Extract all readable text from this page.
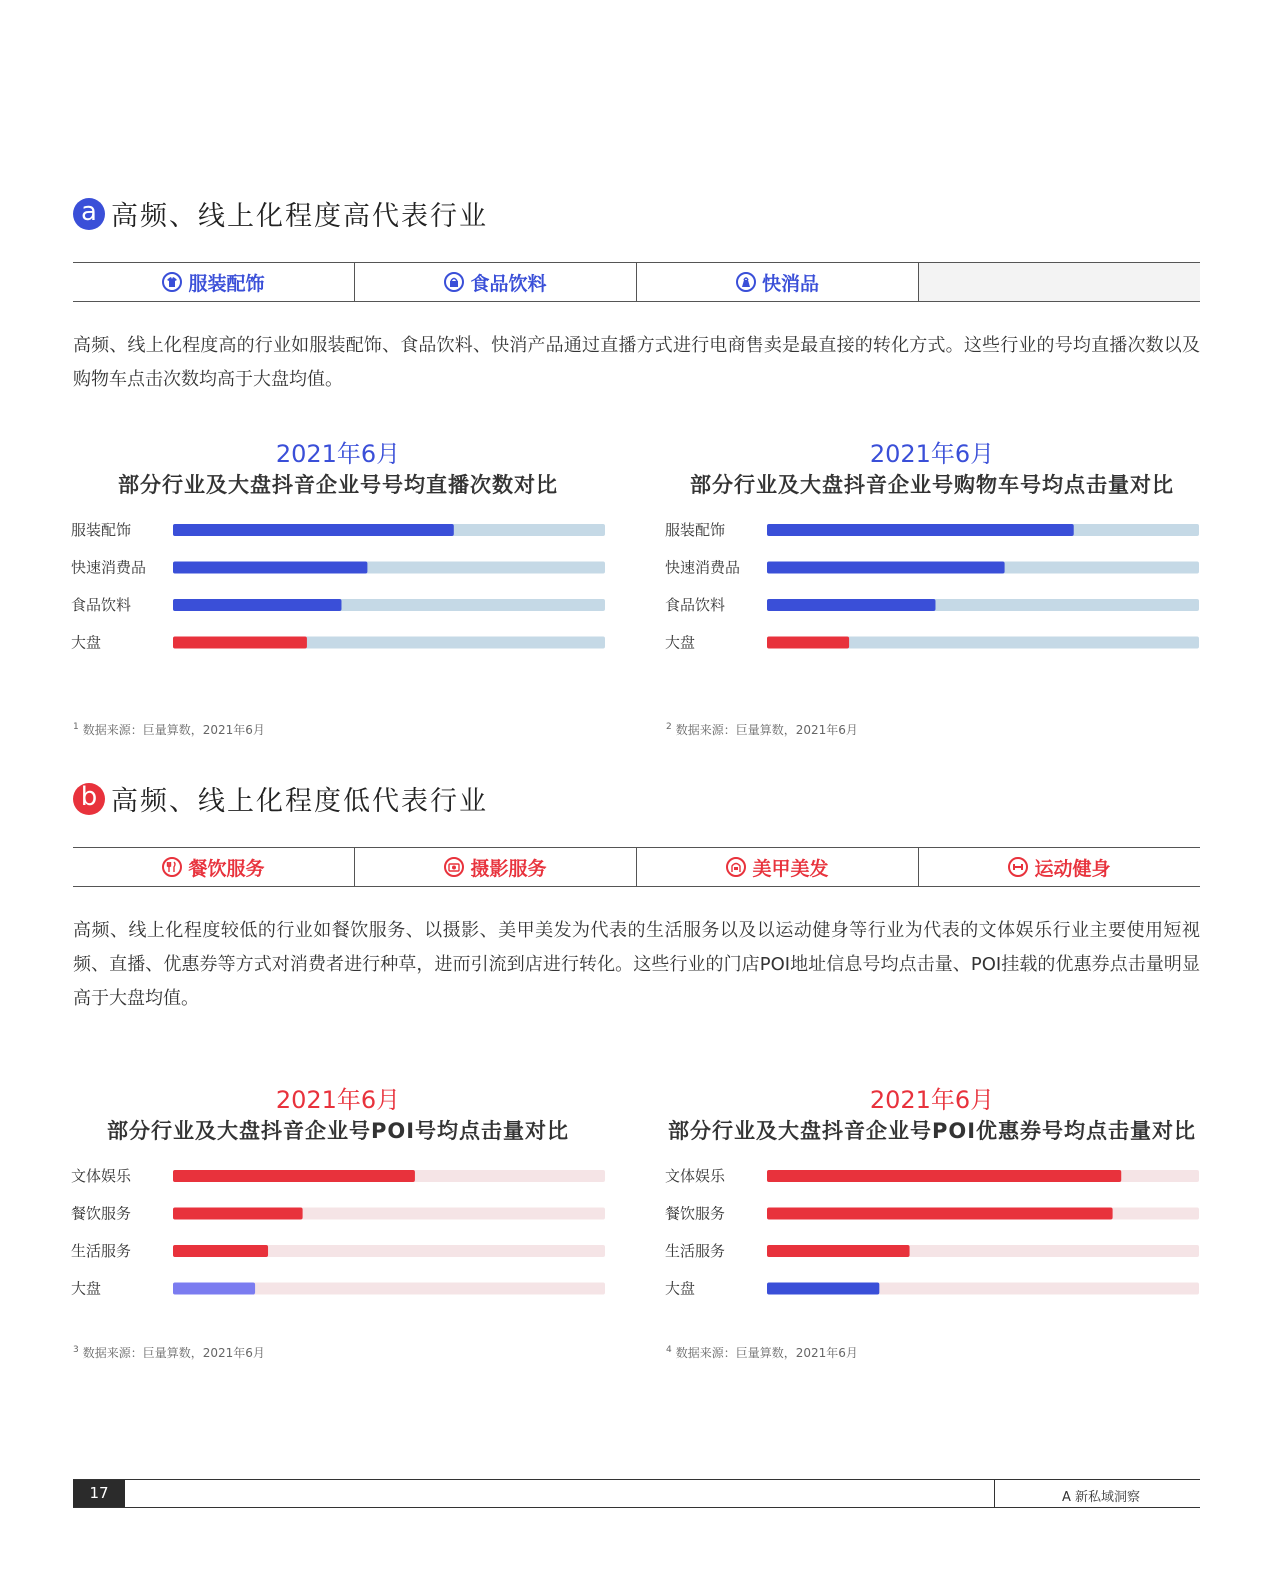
a 高频、线上化程度高代表行业
服装配饰	食品饮料	快消品
高频、线上化程度高的行业如服装配饰、食品饮料、快消产品通过直播方式进行电商售卖是最直接的转化方式。这些行业的号均直播次数以及购物车点击次数均高于大盘均值。
2021年6月
部分行业及大盘抖音企业号号均直播次数对比
服装配饰
快速消费品
食品饮料
大盘
$^1$ 数据来源：巨量算数，2021年6月
2021年6月
部分行业及大盘抖音企业号购物车号均点击量对比
服装配饰
快速消费品
食品饮料
大盘
$^2$ 数据来源：巨量算数，2021年6月
b 高频、线上化程度低代表行业
餐饮服务	摄影服务	美甲美发	运动健身
高频、线上化程度较低的行业如餐饮服务、以摄影、美甲美发为代表的生活服务以及以运动健身等行业为代表的文体娱乐行业主要使用短视频、直播、优惠券等方式对消费者进行种草，进而引流到店进行转化。这些行业的门店POI地址信息号均点击量、POI挂载的优惠券点击量明显高于大盘均值。
2021年6月
部分行业及大盘抖音企业号POI号均点击量对比
文体娱乐
餐饮服务
生活服务
大盘
$^3$ 数据来源：巨量算数，2021年6月
2021年6月
部分行业及大盘抖音企业号POI优惠券号均点击量对比
文体娱乐
餐饮服务
生活服务
大盘
$^4$ 数据来源：巨量算数，2021年6月
17	A 新私域洞察
